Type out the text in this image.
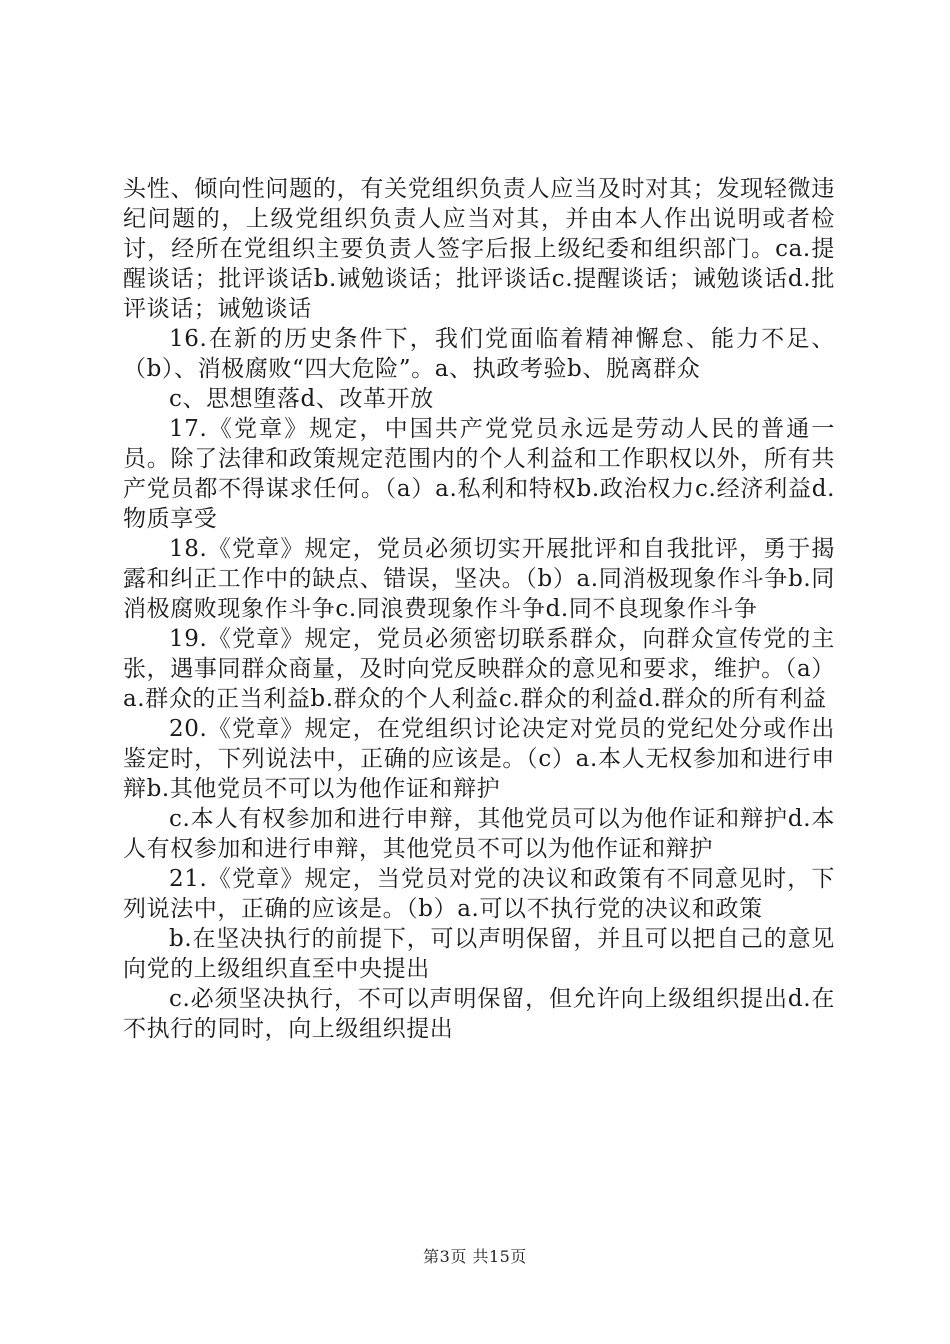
头性、倾向性问题的，有关党组织负责人应当及时对其；发现轻微违纪问题的，上级党组织负责人应当对其，并由本人作出说明或者检讨，经所在党组织主要负责人签字后报上级纪委和组织部门。ca.提醒谈话；批评谈话b.诫勉谈话；批评谈话c.提醒谈话；诫勉谈话d.批评谈话；诫勉谈话

16.在新的历史条件下，我们党面临着精神懈怠、能力不足、（b）、消极腐败“四大危险”。a、执政考验b、脱离群众

c、思想堕落d、改革开放

17.《党章》规定，中国共产党党员永远是劳动人民的普通一员。除了法律和政策规定范围内的个人利益和工作职权以外，所有共产党员都不得谋求任何。（a）a.私利和特权b.政治权力c.经济利益d.物质享受

18.《党章》规定，党员必须切实开展批评和自我批评，勇于揭露和纠正工作中的缺点、错误，坚决。（b）a.同消极现象作斗争b.同消极腐败现象作斗争c.同浪费现象作斗争d.同不良现象作斗争

19.《党章》规定，党员必须密切联系群众，向群众宣传党的主张，遇事同群众商量，及时向党反映群众的意见和要求，维护。（a）a.群众的正当利益b.群众的个人利益c.群众的利益d.群众的所有利益

20.《党章》规定，在党组织讨论决定对党员的党纪处分或作出鉴定时，下列说法中，正确的应该是。（c）a.本人无权参加和进行申辩b.其他党员不可以为他作证和辩护

c.本人有权参加和进行申辩，其他党员可以为他作证和辩护d.本人有权参加和进行申辩，其他党员不可以为他作证和辩护

21.《党章》规定，当党员对党的决议和政策有不同意见时，下列说法中，正确的应该是。（b）a.可以不执行党的决议和政策

b.在坚决执行的前提下，可以声明保留，并且可以把自己的意见向党的上级组织直至中央提出

c.必须坚决执行，不可以声明保留，但允许向上级组织提出d.在不执行的同时，向上级组织提出

第3页 共15页
